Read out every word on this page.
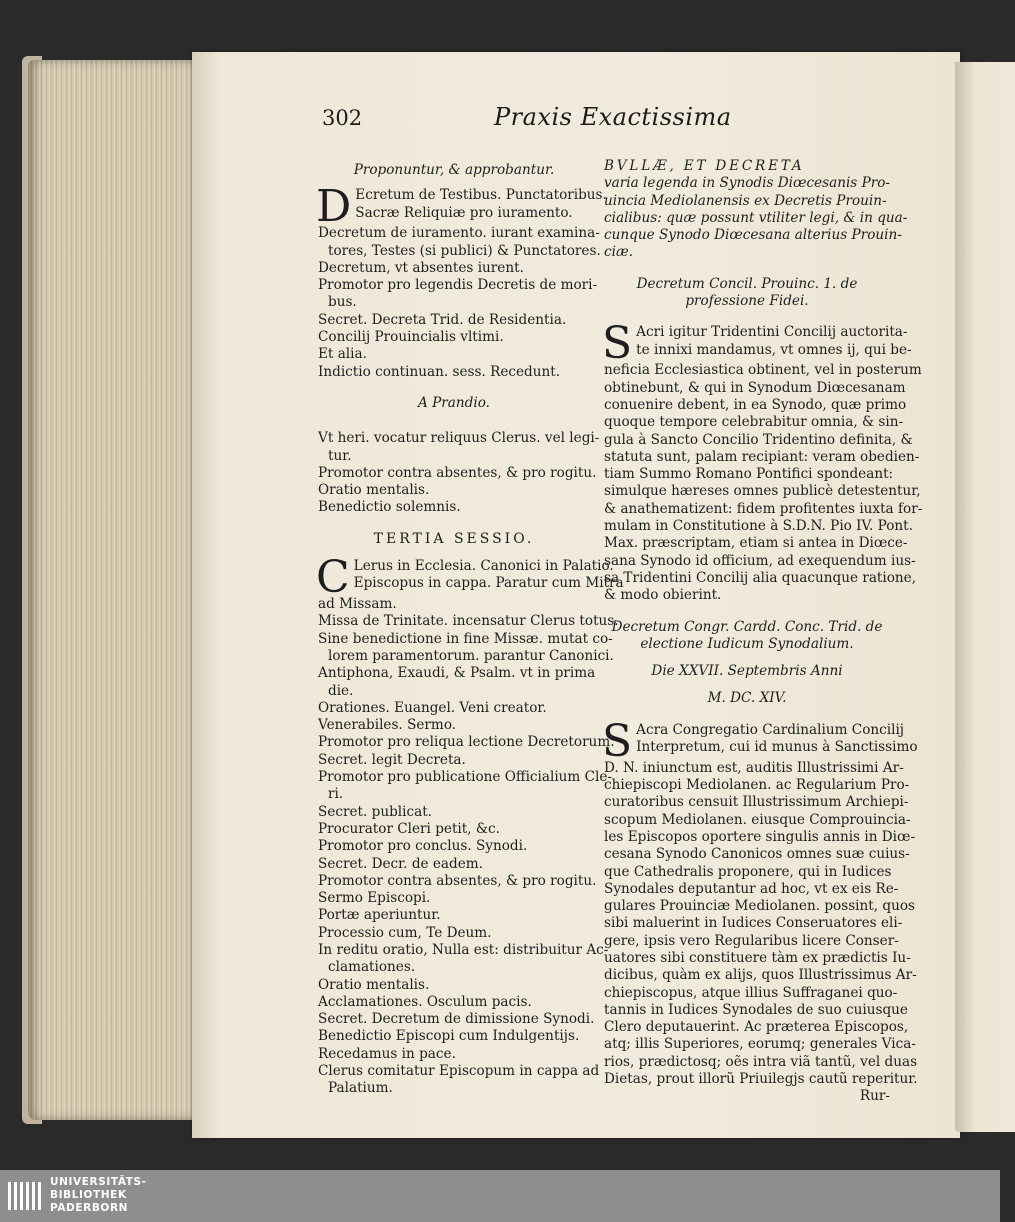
302	Praxis Exactissima
Proponuntur, & approbantur.
D Ecretum de Testibus. Punctatoribus.
Sacræ Reliquiæ pro iuramento.
Decretum de iuramento. iurant examina-
tores, Testes (si publici) & Punctatores.
Decretum, vt absentes iurent.
Promotor pro legendis Decretis de mori-
bus.
Secret. Decreta Trid. de Residentia.
Concilij Prouincialis vltimi.
Et alia.
Indictio continuan. sess. Recedunt.
A Prandio.
Vt heri. vocatur reliquus Clerus. vel legi-
tur.
Promotor contra absentes, & pro rogitu.
Oratio mentalis.
Benedictio solemnis.
TERTIA SESSIO.
C Lerus in Ecclesia. Canonici in Palatio.
Episcopus in cappa. Paratur cum Mitra
ad Missam.
Missa de Trinitate. incensatur Clerus totus.
Sine benedictione in fine Missæ. mutat co-
lorem paramentorum. parantur Canonici.
Antiphona, Exaudi, & Psalm. vt in prima
die.
Orationes. Euangel. Veni creator.
Venerabiles. Sermo.
Promotor pro reliqua lectione Decretorum.
Secret. legit Decreta.
Promotor pro publicatione Officialium Cle-
ri.
Secret. publicat.
Procurator Cleri petit, &c.
Promotor pro conclus. Synodi.
Secret. Decr. de eadem.
Promotor contra absentes, & pro rogitu.
Sermo Episcopi.
Portæ aperiuntur.
Processio cum, Te Deum.
In reditu oratio, Nulla est: distribuitur Ac-
clamationes.
Oratio mentalis.
Acclamationes. Osculum pacis.
Secret. Decretum de dimissione Synodi.
Benedictio Episcopi cum Indulgentijs.
Recedamus in pace.
Clerus comitatur Episcopum in cappa ad
Palatium.
BVLLÆ, ET DECRETA
varia legenda in Synodis Diœcesanis Pro-
uincia Mediolanensis ex Decretis Prouin-
cialibus: quæ possunt vtiliter legi, & in qua-
cunque Synodo Diœcesana alterius Prouin-
ciæ.
Decretum Concil. Prouinc. 1. de
professione Fidei.
S Acri igitur Tridentini Concilij auctorita-
te innixi mandamus, vt omnes ij, qui be-
neficia Ecclesiastica obtinent, vel in posterum
obtinebunt, & qui in Synodum Diœcesanam
conuenire debent, in ea Synodo, quæ primo
quoque tempore celebrabitur omnia, & sin-
gula à Sancto Concilio Tridentino definita, &
statuta sunt, palam recipiant: veram obedien-
tiam Summo Romano Pontifici spondeant:
simulque hæreses omnes publicè detestentur,
& anathematizent: fidem profitentes iuxta for-
mulam in Constitutione à S.D.N. Pio IV. Pont.
Max. præscriptam, etiam si antea in Diœce-
sana Synodo id officium, ad exequendum ius-
sa Tridentini Concilij alia quacunque ratione,
& modo obierint.
Decretum Congr. Cardd. Conc. Trid. de
electione Iudicum Synodalium.
Die XXVII. Septembris Anni
M. DC. XIV.
S Acra Congregatio Cardinalium Concilij
Interpretum, cui id munus à Sanctissimo
D. N. iniunctum est, auditis Illustrissimi Ar-
chiepiscopi Mediolanen. ac Regularium Pro-
curatoribus censuit Illustrissimum Archiepi-
scopum Mediolanen. eiusque Comprouincia-
les Episcopos oportere singulis annis in Diœ-
cesana Synodo Canonicos omnes suæ cuius-
que Cathedralis proponere, qui in Iudices
Synodales deputantur ad hoc, vt ex eis Re-
gulares Prouinciæ Mediolanen. possint, quos
sibi maluerint in Iudices Conseruatores eli-
gere, ipsis vero Regularibus licere Conser-
uatores sibi constituere tàm ex prædictis Iu-
dicibus, quàm ex alijs, quos Illustrissimus Ar-
chiepiscopus, atque illius Suffraganei quo-
tannis in Iudices Synodales de suo cuiusque
Clero deputauerint. Ac præterea Episcopos,
atq; illis Superiores, eorumq; generales Vica-
rios, prædictosq; oẽs intra viã tantũ, vel duas
Dietas, prout illorũ Priuilegjs cautũ reperitur.
Rur-
UNIVERSITÄTS-
BIBLIOTHEK
PADERBORN
